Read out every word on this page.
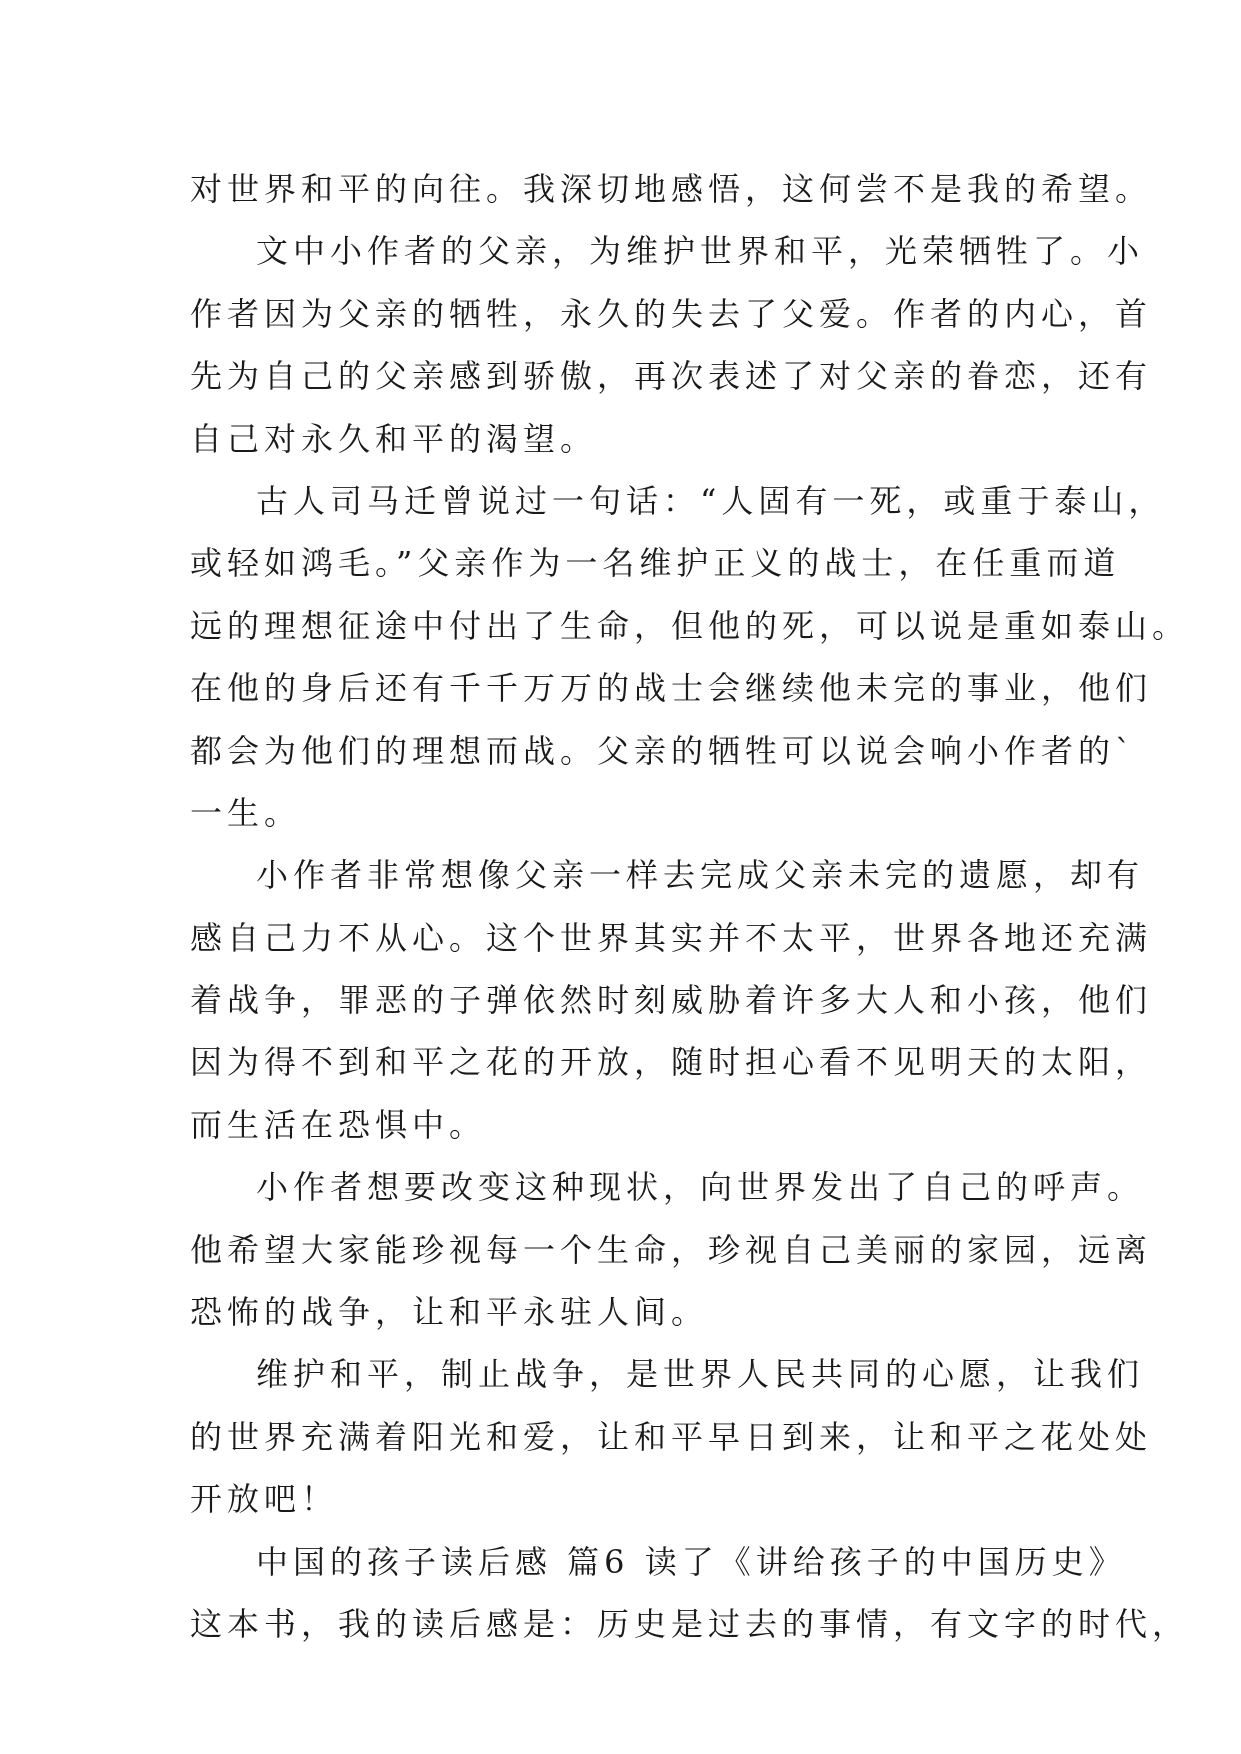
对世界和平的向往。我深切地感悟，这何尝不是我的希望。
文中小作者的父亲，为维护世界和平，光荣牺牲了。小
作者因为父亲的牺牲，永久的失去了父爱。作者的内心，首
先为自己的父亲感到骄傲，再次表述了对父亲的眷恋，还有
自己对永久和平的渴望。
古人司马迁曾说过一句话：“人固有一死，或重于泰山，
或轻如鸿毛。”父亲作为一名维护正义的战士，在任重而道
远的理想征途中付出了生命，但他的死，可以说是重如泰山。
在他的身后还有千千万万的战士会继续他未完的事业，他们
都会为他们的理想而战。父亲的牺牲可以说会响小作者的`
一生。
小作者非常想像父亲一样去完成父亲未完的遗愿，却有
感自己力不从心。这个世界其实并不太平，世界各地还充满
着战争，罪恶的子弹依然时刻威胁着许多大人和小孩，他们
因为得不到和平之花的开放，随时担心看不见明天的太阳，
而生活在恐惧中。
小作者想要改变这种现状，向世界发出了自己的呼声。
他希望大家能珍视每一个生命，珍视自己美丽的家园，远离
恐怖的战争，让和平永驻人间。
维护和平，制止战争，是世界人民共同的心愿，让我们
的世界充满着阳光和爱，让和平早日到来，让和平之花处处
开放吧！
中国的孩子读后感 篇6 读了《讲给孩子的中国历史》
这本书，我的读后感是：历史是过去的事情，有文字的时代，
